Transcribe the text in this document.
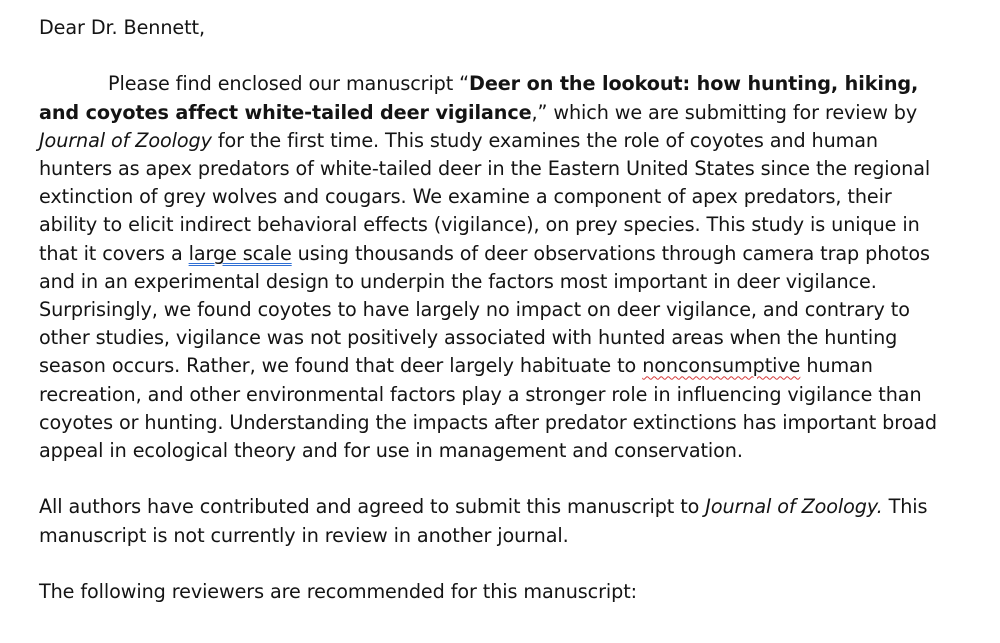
Dear Dr. Bennett,

Please find enclosed our manuscript “Deer on the lookout: how hunting, hiking, and coyotes affect white-tailed deer vigilance,” which we are submitting for review by Journal of Zoology for the first time. This study examines the role of coyotes and human hunters as apex predators of white-tailed deer in the Eastern United States since the regional extinction of grey wolves and cougars. We examine a component of apex predators, their ability to elicit indirect behavioral effects (vigilance), on prey species. This study is unique in that it covers a large scale using thousands of deer observations through camera trap photos and in an experimental design to underpin the factors most important in deer vigilance. Surprisingly, we found coyotes to have largely no impact on deer vigilance, and contrary to other studies, vigilance was not positively associated with hunted areas when the hunting season occurs. Rather, we found that deer largely habituate to nonconsumptive human recreation, and other environmental factors play a stronger role in influencing vigilance than coyotes or hunting. Understanding the impacts after predator extinctions has important broad appeal in ecological theory and for use in management and conservation.

All authors have contributed and agreed to submit this manuscript to Journal of Zoology. This manuscript is not currently in review in another journal.

The following reviewers are recommended for this manuscript:
